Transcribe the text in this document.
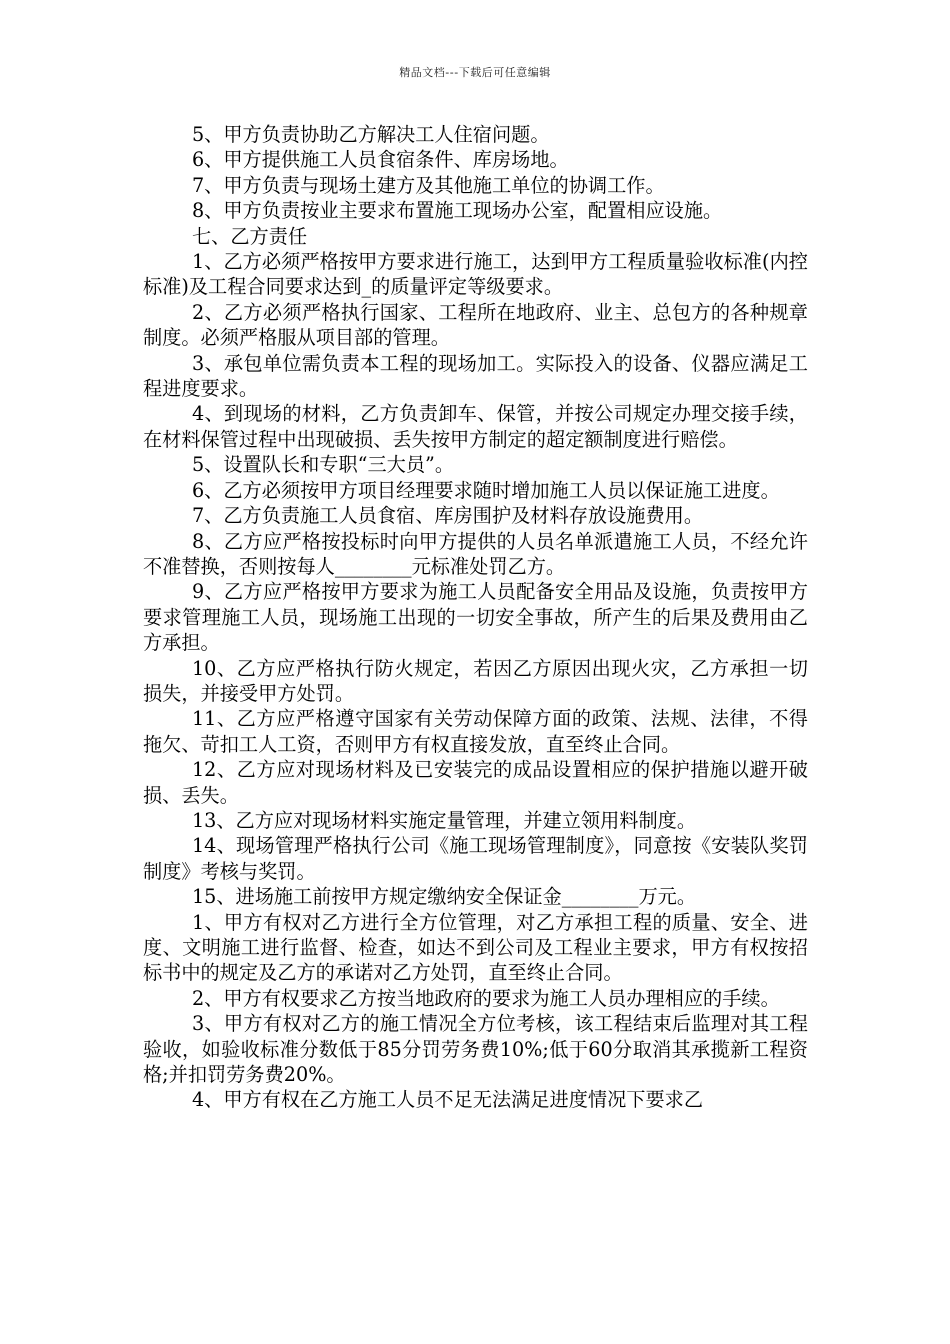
精品文档---下载后可任意编辑

5、甲方负责协助乙方解决工人住宿问题。

6、甲方提供施工人员食宿条件、库房场地。

7、甲方负责与现场土建方及其他施工单位的协调工作。

8、甲方负责按业主要求布置施工现场办公室，配置相应设施。

七、乙方责任

1、乙方必须严格按甲方要求进行施工，达到甲方工程质量验收标准(内控标准)及工程合同要求达到_的质量评定等级要求。

2、乙方必须严格执行国家、工程所在地政府、业主、总包方的各种规章制度。必须严格服从项目部的管理。

3、承包单位需负责本工程的现场加工。实际投入的设备、仪器应满足工程进度要求。

4、到现场的材料，乙方负责卸车、保管，并按公司规定办理交接手续，在材料保管过程中出现破损、丢失按甲方制定的超定额制度进行赔偿。

5、设置队长和专职“三大员”。

6、乙方必须按甲方项目经理要求随时增加施工人员以保证施工进度。

7、乙方负责施工人员食宿、库房围护及材料存放设施费用。

8、乙方应严格按投标时向甲方提供的人员名单派遣施工人员，不经允许不准替换，否则按每人________元标准处罚乙方。

9、乙方应严格按甲方要求为施工人员配备安全用品及设施，负责按甲方要求管理施工人员，现场施工出现的一切安全事故，所产生的后果及费用由乙方承担。

10、乙方应严格执行防火规定，若因乙方原因出现火灾，乙方承担一切损失，并接受甲方处罚。

11、乙方应严格遵守国家有关劳动保障方面的政策、法规、法律，不得拖欠、苛扣工人工资，否则甲方有权直接发放，直至终止合同。

12、乙方应对现场材料及已安装完的成品设置相应的保护措施以避开破损、丢失。

13、乙方应对现场材料实施定量管理，并建立领用料制度。

14、现场管理严格执行公司《施工现场管理制度》，同意按《安装队奖罚制度》考核与奖罚。

15、进场施工前按甲方规定缴纳安全保证金________万元。

1、甲方有权对乙方进行全方位管理，对乙方承担工程的质量、安全、进度、文明施工进行监督、检查，如达不到公司及工程业主要求，甲方有权按招标书中的规定及乙方的承诺对乙方处罚，直至终止合同。

2、甲方有权要求乙方按当地政府的要求为施工人员办理相应的手续。

3、甲方有权对乙方的施工情况全方位考核，该工程结束后监理对其工程验收，如验收标准分数低于85分罚劳务费10%;低于60分取消其承揽新工程资格;并扣罚劳务费20%。

4、甲方有权在乙方施工人员不足无法满足进度情况下要求乙
